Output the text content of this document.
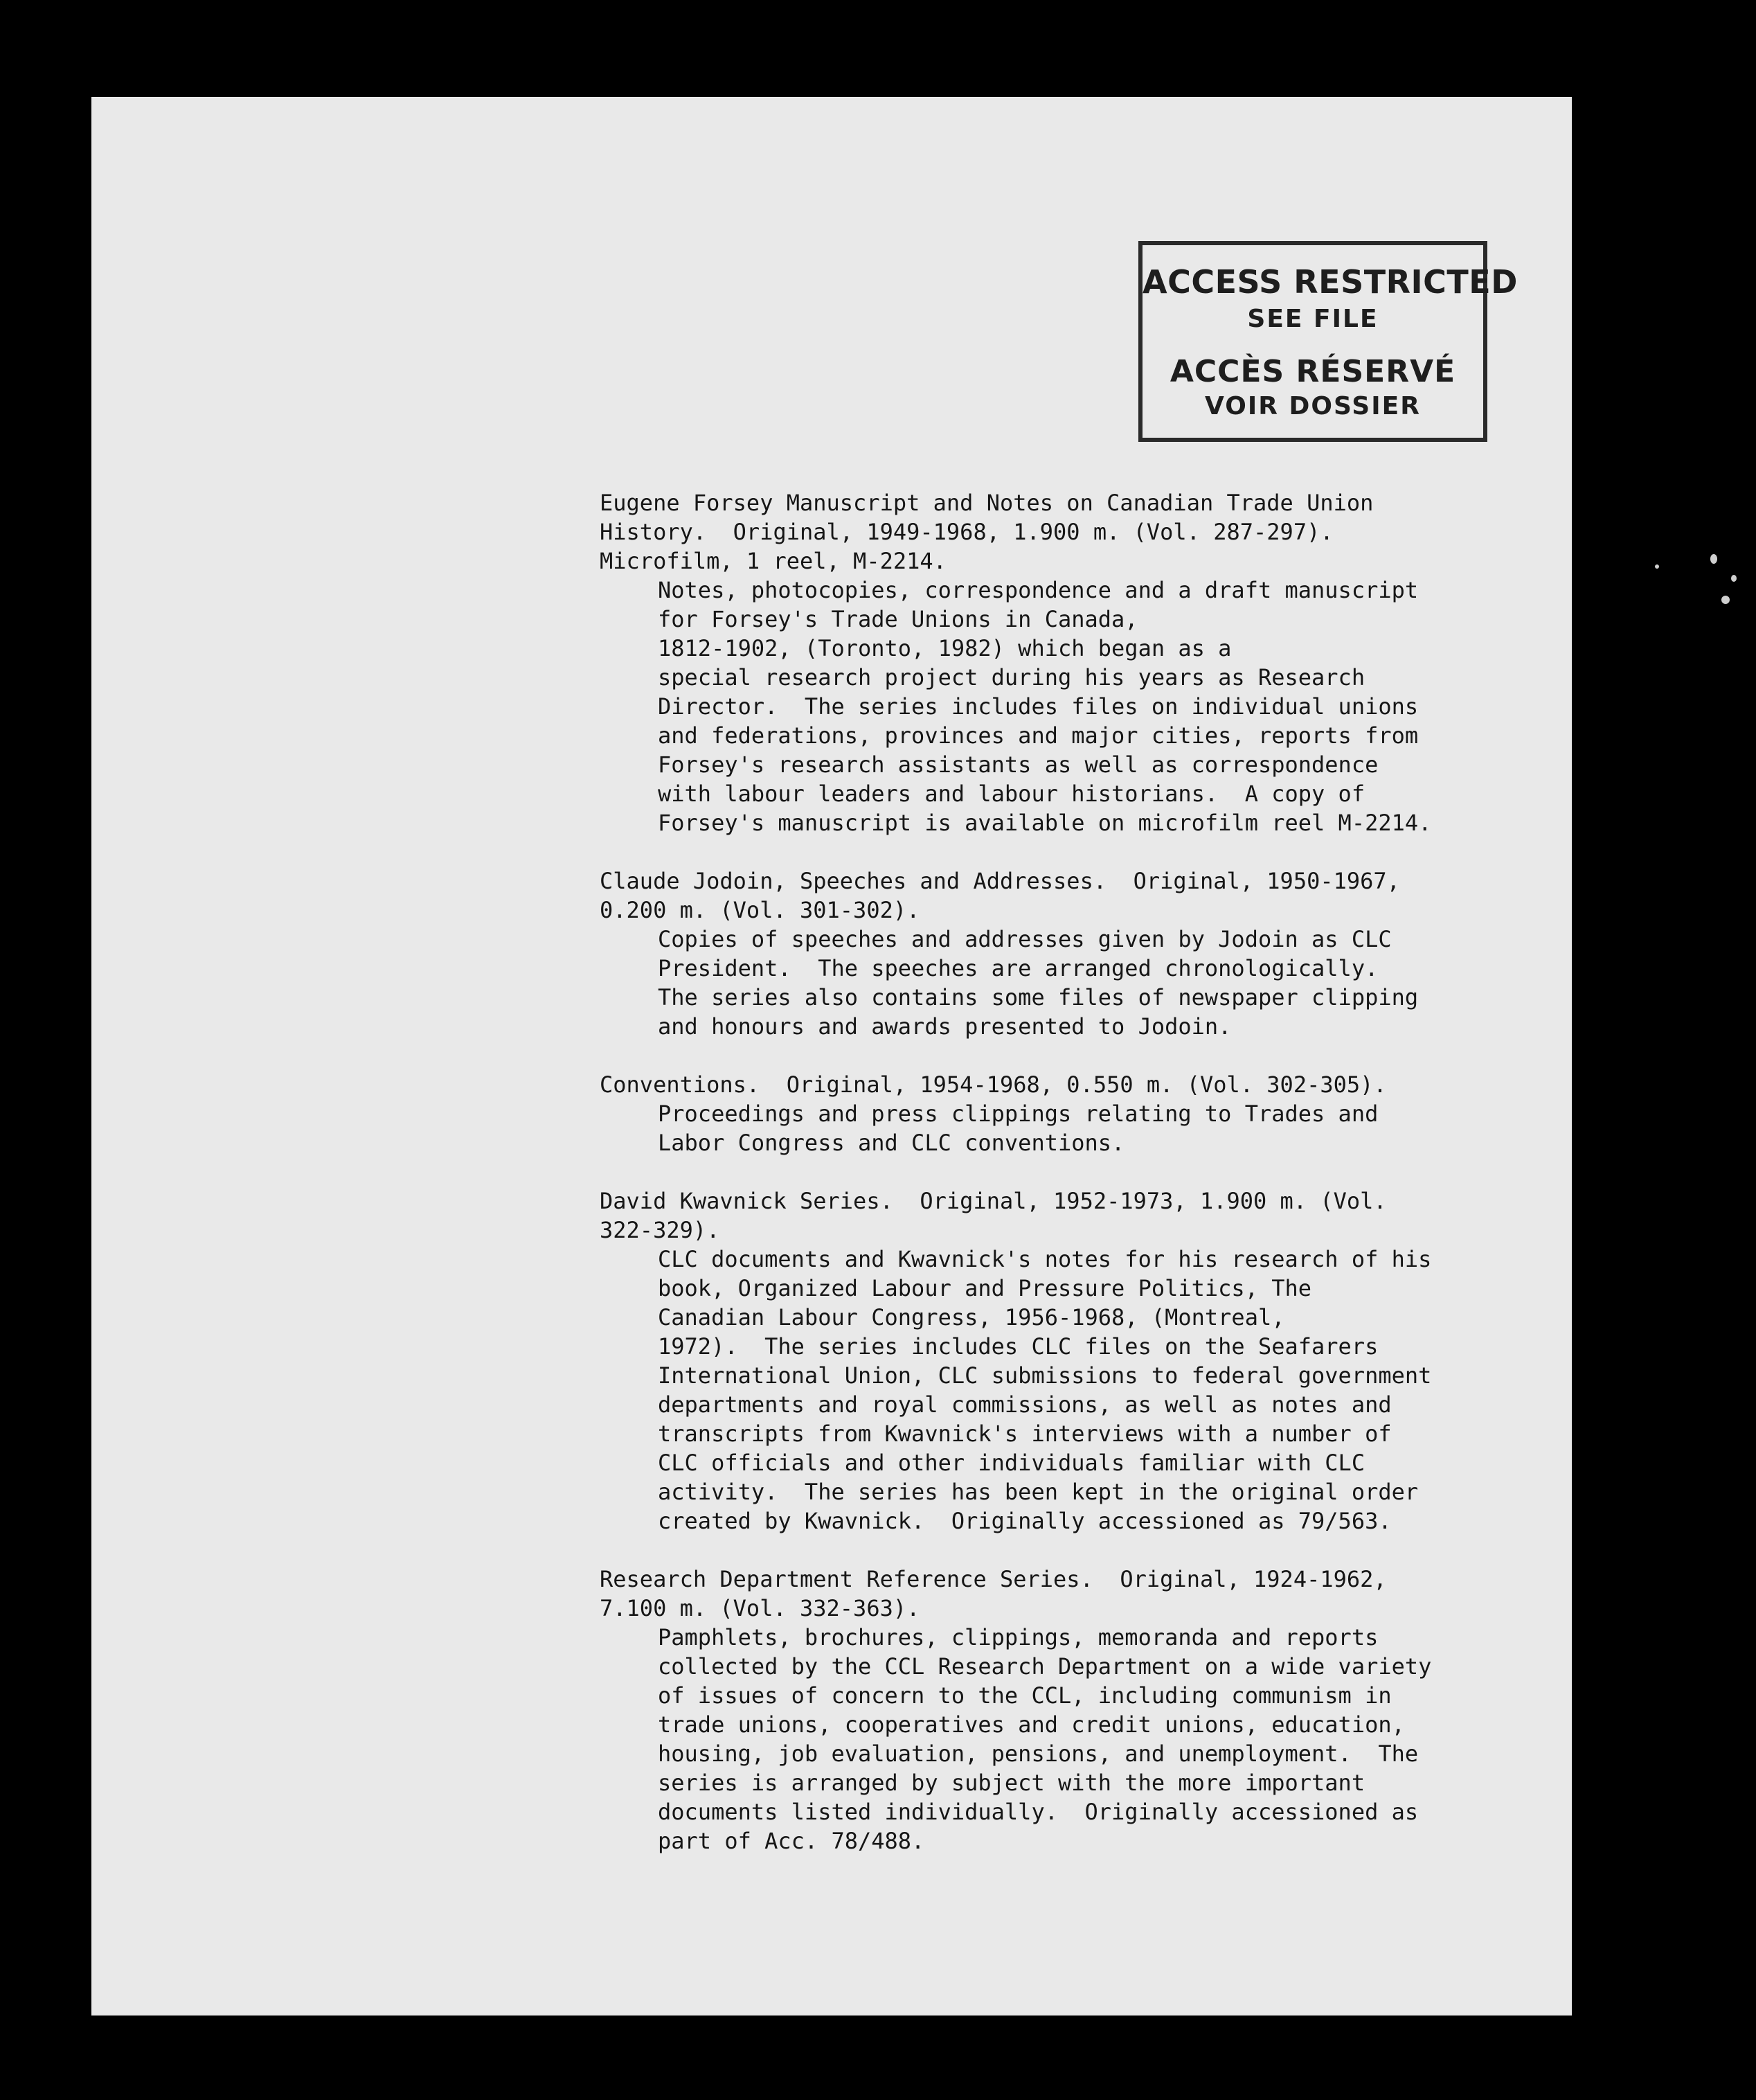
ACCESS RESTRICTED
SEE FILE
ACCÈS RÉSERVÉ
VOIR DOSSIER

Eugene Forsey Manuscript and Notes on Canadian Trade Union
History.  Original, 1949-1968, 1.900 m. (Vol. 287-297).
Microfilm, 1 reel, M-2214.

Notes, photocopies, correspondence and a draft manuscript
for Forsey's Trade Unions in Canada,
1812-1902, (Toronto, 1982) which began as a
special research project during his years as Research
Director.  The series includes files on individual unions
and federations, provinces and major cities, reports from
Forsey's research assistants as well as correspondence
with labour leaders and labour historians.  A copy of
Forsey's manuscript is available on microfilm reel M-2214.

Claude Jodoin, Speeches and Addresses.  Original, 1950-1967,
0.200 m. (Vol. 301-302).

Copies of speeches and addresses given by Jodoin as CLC
President.  The speeches are arranged chronologically.
The series also contains some files of newspaper clipping
and honours and awards presented to Jodoin.

Conventions.  Original, 1954-1968, 0.550 m. (Vol. 302-305).

Proceedings and press clippings relating to Trades and
Labor Congress and CLC conventions.

David Kwavnick Series.  Original, 1952-1973, 1.900 m. (Vol.
322-329).

CLC documents and Kwavnick's notes for his research of his
book, Organized Labour and Pressure Politics, The
Canadian Labour Congress, 1956-1968, (Montreal,
1972).  The series includes CLC files on the Seafarers
International Union, CLC submissions to federal government
departments and royal commissions, as well as notes and
transcripts from Kwavnick's interviews with a number of
CLC officials and other individuals familiar with CLC
activity.  The series has been kept in the original order
created by Kwavnick.  Originally accessioned as 79/563.

Research Department Reference Series.  Original, 1924-1962,
7.100 m. (Vol. 332-363).

Pamphlets, brochures, clippings, memoranda and reports
collected by the CCL Research Department on a wide variety
of issues of concern to the CCL, including communism in
trade unions, cooperatives and credit unions, education,
housing, job evaluation, pensions, and unemployment.  The
series is arranged by subject with the more important
documents listed individually.  Originally accessioned as
part of Acc. 78/488.
